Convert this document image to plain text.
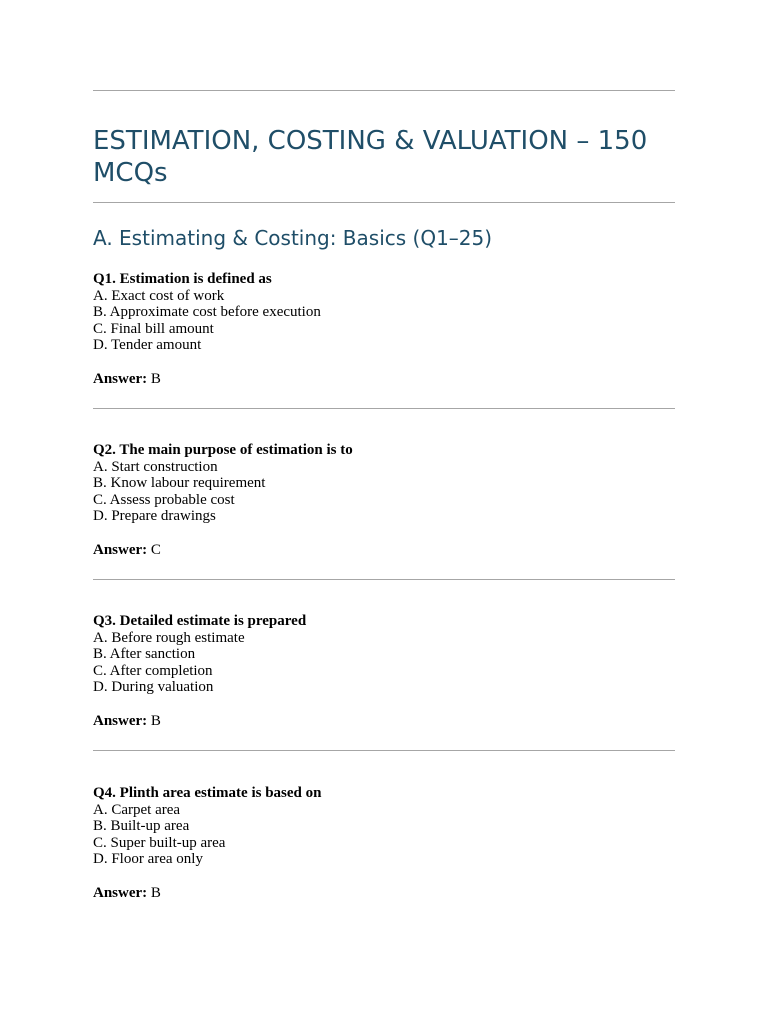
ESTIMATION, COSTING & VALUATION – 150 MCQs
A. Estimating & Costing: Basics (Q1–25)
Q1. Estimation is defined as
A. Exact cost of work
B. Approximate cost before execution
C. Final bill amount
D. Tender amount
Answer: B
Q2. The main purpose of estimation is to
A. Start construction
B. Know labour requirement
C. Assess probable cost
D. Prepare drawings
Answer: C
Q3. Detailed estimate is prepared
A. Before rough estimate
B. After sanction
C. After completion
D. During valuation
Answer: B
Q4. Plinth area estimate is based on
A. Carpet area
B. Built-up area
C. Super built-up area
D. Floor area only
Answer: B
